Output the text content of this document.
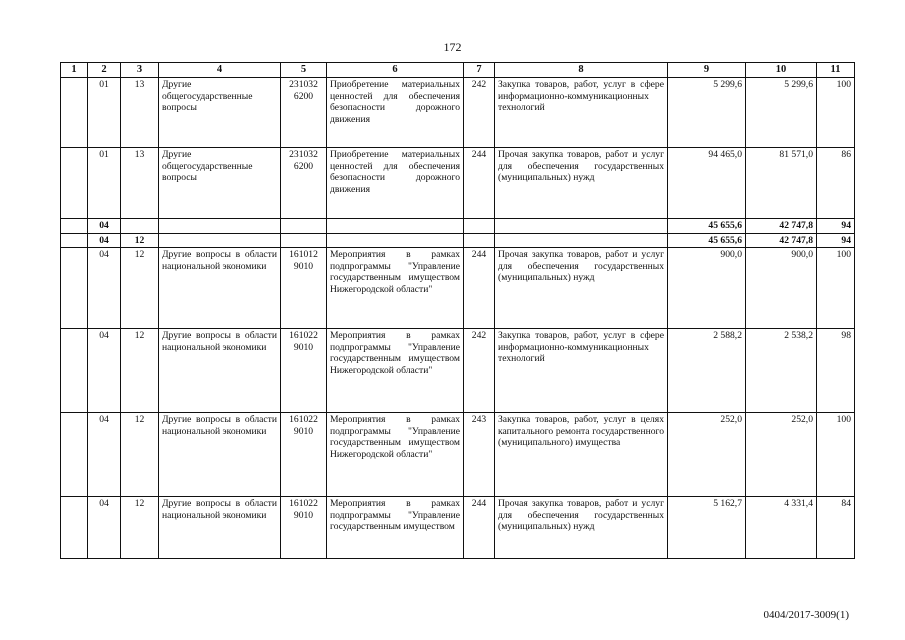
172
1	2	3	4	5	6	7	8	9	10	11
	01	13	Другие общегосударственные вопросы	231032 6200	Приобретение материальных ценностей для обеспечения безопасности дорожного движения	242	Закупка товаров, работ, услуг в сфере информационно-коммуникационных технологий	5 299,6	5 299,6	100
	01	13	Другие общегосударственные вопросы	231032 6200	Приобретение материальных ценностей для обеспечения безопасности дорожного движения	244	Прочая закупка товаров, работ и услуг для обеспечения государственных (муниципальных) нужд	94 465,0	81 571,0	86
	04							45 655,6	42 747,8	94
	04	12						45 655,6	42 747,8	94
	04	12	Другие вопросы в области национальной экономики	161012 9010	Мероприятия в рамках подпрограммы "Управление государственным имуществом Нижегородской области"	244	Прочая закупка товаров, работ и услуг для обеспечения государственных (муниципальных) нужд	900,0	900,0	100
	04	12	Другие вопросы в области национальной экономики	161022 9010	Мероприятия в рамках подпрограммы "Управление государственным имуществом Нижегородской области"	242	Закупка товаров, работ, услуг в сфере информационно-коммуникационных технологий	2 588,2	2 538,2	98
	04	12	Другие вопросы в области национальной экономики	161022 9010	Мероприятия в рамках подпрограммы "Управление государственным имуществом Нижегородской области"	243	Закупка товаров, работ, услуг в целях капитального ремонта государственного (муниципального) имущества	252,0	252,0	100
	04	12	Другие вопросы в области национальной экономики	161022 9010	Мероприятия в рамках подпрограммы "Управление государственным имуществом	244	Прочая закупка товаров, работ и услуг для обеспечения государственных (муниципальных) нужд	5 162,7	4 331,4	84
0404/2017-3009(1)
